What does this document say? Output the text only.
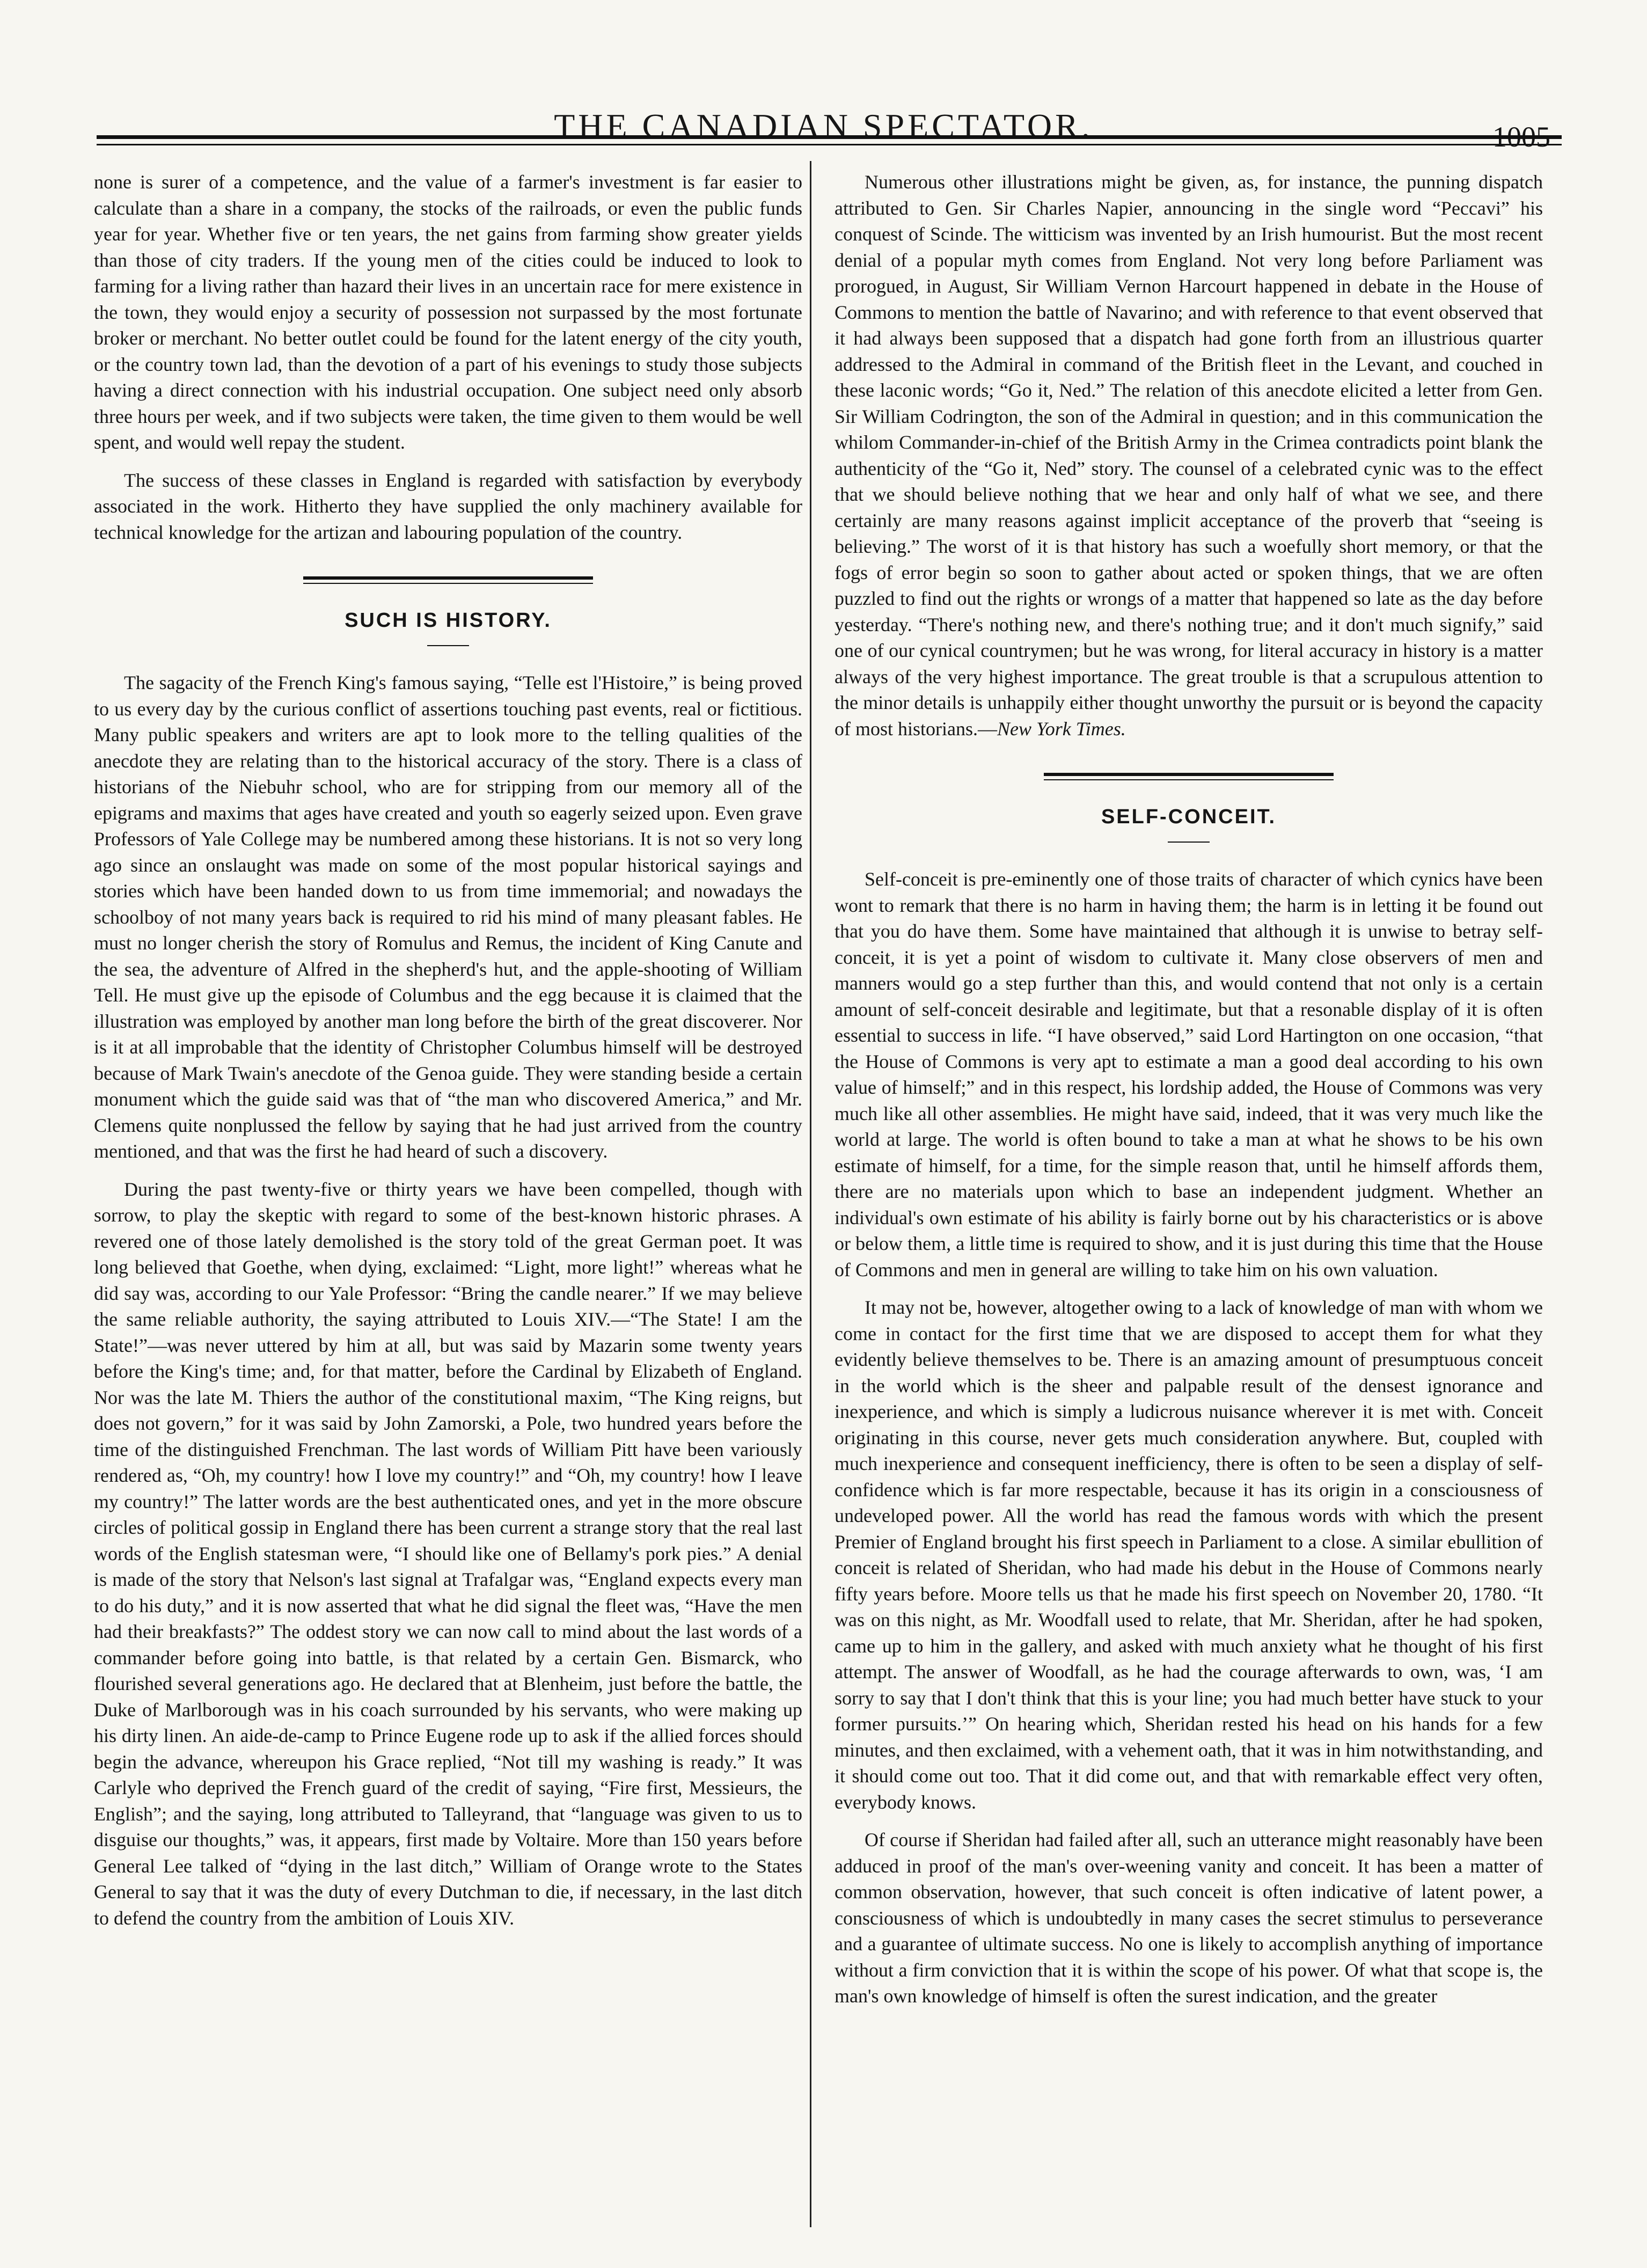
THE CANADIAN SPECTATOR.	1005

none is surer of a competence, and the value of a farmer's investment is far easier to calculate than a share in a company, the stocks of the railroads, or even the public funds year for year. Whether five or ten years, the net gains from farming show greater yields than those of city traders. If the young men of the cities could be induced to look to farming for a living rather than hazard their lives in an uncertain race for mere existence in the town, they would enjoy a security of possession not surpassed by the most fortunate broker or merchant. No better outlet could be found for the latent energy of the city youth, or the country town lad, than the devotion of a part of his evenings to study those subjects having a direct connection with his industrial occupation. One subject need only absorb three hours per week, and if two subjects were taken, the time given to them would be well spent, and would well repay the student.

The success of these classes in England is regarded with satisfaction by everybody associated in the work. Hitherto they have supplied the only machinery available for technical knowledge for the artizan and labouring population of the country.

SUCH IS HISTORY.

The sagacity of the French King's famous saying, “Telle est l'Histoire,” is being proved to us every day by the curious conflict of assertions touching past events, real or fictitious. Many public speakers and writers are apt to look more to the telling qualities of the anecdote they are relating than to the historical accuracy of the story. There is a class of historians of the Niebuhr school, who are for stripping from our memory all of the epigrams and maxims that ages have created and youth so eagerly seized upon. Even grave Professors of Yale College may be numbered among these historians. It is not so very long ago since an onslaught was made on some of the most popular historical sayings and stories which have been handed down to us from time immemorial; and nowadays the schoolboy of not many years back is required to rid his mind of many pleasant fables. He must no longer cherish the story of Romulus and Remus, the incident of King Canute and the sea, the adventure of Alfred in the shepherd's hut, and the apple-shooting of William Tell. He must give up the episode of Columbus and the egg because it is claimed that the illustration was employed by another man long before the birth of the great discoverer. Nor is it at all improbable that the identity of Christopher Columbus himself will be destroyed because of Mark Twain's anecdote of the Genoa guide. They were standing beside a certain monument which the guide said was that of “the man who discovered America,” and Mr. Clemens quite nonplussed the fellow by saying that he had just arrived from the country mentioned, and that was the first he had heard of such a discovery.

During the past twenty-five or thirty years we have been compelled, though with sorrow, to play the skeptic with regard to some of the best-known historic phrases. A revered one of those lately demolished is the story told of the great German poet. It was long believed that Goethe, when dying, exclaimed: “Light, more light!” whereas what he did say was, according to our Yale Professor: “Bring the candle nearer.” If we may believe the same reliable authority, the saying attributed to Louis XIV.—“The State! I am the State!”—was never uttered by him at all, but was said by Mazarin some twenty years before the King's time; and, for that matter, before the Cardinal by Elizabeth of England. Nor was the late M. Thiers the author of the constitutional maxim, “The King reigns, but does not govern,” for it was said by John Zamorski, a Pole, two hundred years before the time of the distinguished Frenchman. The last words of William Pitt have been variously rendered as, “Oh, my country! how I love my country!” and “Oh, my country! how I leave my country!” The latter words are the best authenticated ones, and yet in the more obscure circles of political gossip in England there has been current a strange story that the real last words of the English statesman were, “I should like one of Bellamy's pork pies.” A denial is made of the story that Nelson's last signal at Trafalgar was, “England expects every man to do his duty,” and it is now asserted that what he did signal the fleet was, “Have the men had their breakfasts?” The oddest story we can now call to mind about the last words of a commander before going into battle, is that related by a certain Gen. Bismarck, who flourished several generations ago. He declared that at Blenheim, just before the battle, the Duke of Marlborough was in his coach surrounded by his servants, who were making up his dirty linen. An aide-de-camp to Prince Eugene rode up to ask if the allied forces should begin the advance, whereupon his Grace replied, “Not till my washing is ready.” It was Carlyle who deprived the French guard of the credit of saying, “Fire first, Messieurs, the English”; and the saying, long attributed to Talleyrand, that “language was given to us to disguise our thoughts,” was, it appears, first made by Voltaire. More than 150 years before General Lee talked of “dying in the last ditch,” William of Orange wrote to the States General to say that it was the duty of every Dutchman to die, if necessary, in the last ditch to defend the country from the ambition of Louis XIV.

Numerous other illustrations might be given, as, for instance, the punning dispatch attributed to Gen. Sir Charles Napier, announcing in the single word “Peccavi” his conquest of Scinde. The witticism was invented by an Irish humourist. But the most recent denial of a popular myth comes from England. Not very long before Parliament was prorogued, in August, Sir William Vernon Harcourt happened in debate in the House of Commons to mention the battle of Navarino; and with reference to that event observed that it had always been supposed that a dispatch had gone forth from an illustrious quarter addressed to the Admiral in command of the British fleet in the Levant, and couched in these laconic words; “Go it, Ned.” The relation of this anecdote elicited a letter from Gen. Sir William Codrington, the son of the Admiral in question; and in this communication the whilom Commander-in-chief of the British Army in the Crimea contradicts point blank the authenticity of the “Go it, Ned” story. The counsel of a celebrated cynic was to the effect that we should believe nothing that we hear and only half of what we see, and there certainly are many reasons against implicit acceptance of the proverb that “seeing is believing.” The worst of it is that history has such a woefully short memory, or that the fogs of error begin so soon to gather about acted or spoken things, that we are often puzzled to find out the rights or wrongs of a matter that happened so late as the day before yesterday. “There's nothing new, and there's nothing true; and it don't much signify,” said one of our cynical countrymen; but he was wrong, for literal accuracy in history is a matter always of the very highest importance. The great trouble is that a scrupulous attention to the minor details is unhappily either thought unworthy the pursuit or is beyond the capacity of most historians.—New York Times.

SELF-CONCEIT.

Self-conceit is pre-eminently one of those traits of character of which cynics have been wont to remark that there is no harm in having them; the harm is in letting it be found out that you do have them. Some have maintained that although it is unwise to betray self-conceit, it is yet a point of wisdom to cultivate it. Many close observers of men and manners would go a step further than this, and would contend that not only is a certain amount of self-conceit desirable and legitimate, but that a resonable display of it is often essential to success in life. “I have observed,” said Lord Hartington on one occasion, “that the House of Commons is very apt to estimate a man a good deal according to his own value of himself;” and in this respect, his lordship added, the House of Commons was very much like all other assemblies. He might have said, indeed, that it was very much like the world at large. The world is often bound to take a man at what he shows to be his own estimate of himself, for a time, for the simple reason that, until he himself affords them, there are no materials upon which to base an independent judgment. Whether an individual's own estimate of his ability is fairly borne out by his characteristics or is above or below them, a little time is required to show, and it is just during this time that the House of Commons and men in general are willing to take him on his own valuation.

It may not be, however, altogether owing to a lack of knowledge of man with whom we come in contact for the first time that we are disposed to accept them for what they evidently believe themselves to be. There is an amazing amount of presumptuous conceit in the world which is the sheer and palpable result of the densest ignorance and inexperience, and which is simply a ludicrous nuisance wherever it is met with. Conceit originating in this course, never gets much consideration anywhere. But, coupled with much inexperience and consequent inefficiency, there is often to be seen a display of self-confidence which is far more respectable, because it has its origin in a consciousness of undeveloped power. All the world has read the famous words with which the present Premier of England brought his first speech in Parliament to a close. A similar ebullition of conceit is related of Sheridan, who had made his debut in the House of Commons nearly fifty years before. Moore tells us that he made his first speech on November 20, 1780. “It was on this night, as Mr. Woodfall used to relate, that Mr. Sheridan, after he had spoken, came up to him in the gallery, and asked with much anxiety what he thought of his first attempt. The answer of Woodfall, as he had the courage afterwards to own, was, ‘I am sorry to say that I don't think that this is your line; you had much better have stuck to your former pursuits.’” On hearing which, Sheridan rested his head on his hands for a few minutes, and then exclaimed, with a vehement oath, that it was in him notwithstanding, and it should come out too. That it did come out, and that with remarkable effect very often, everybody knows.

Of course if Sheridan had failed after all, such an utterance might reasonably have been adduced in proof of the man's over-weening vanity and conceit. It has been a matter of common observation, however, that such conceit is often indicative of latent power, a consciousness of which is undoubtedly in many cases the secret stimulus to perseverance and a guarantee of ultimate success. No one is likely to accomplish anything of importance without a firm conviction that it is within the scope of his power. Of what that scope is, the man's own knowledge of himself is often the surest indication, and the greater
